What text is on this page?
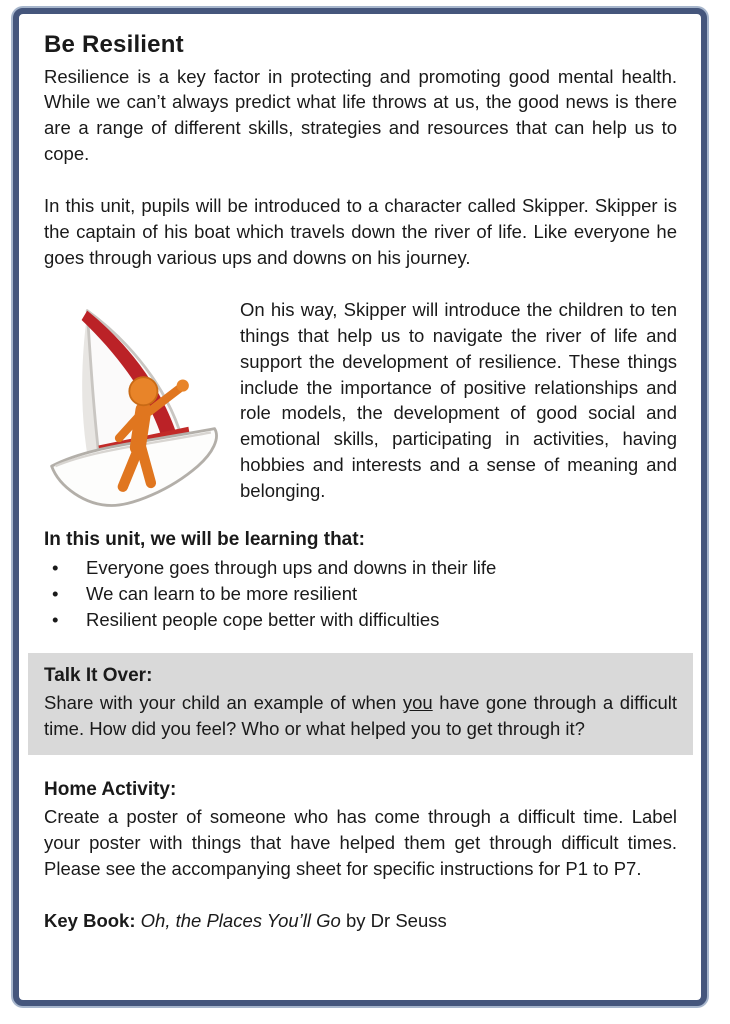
Be Resilient

Resilience is a key factor in protecting and promoting good mental health. While we can’t always predict what life throws at us, the good news is there are a range of different skills, strategies and resources that can help us to cope.

In this unit, pupils will be introduced to a character called Skipper. Skipper is the captain of his boat which travels down the river of life. Like everyone he goes through various ups and downs on his journey.

On his way, Skipper will introduce the children to ten things that help us to navigate the river of life and support the development of resilience. These things include the importance of positive relationships and role models, the development of good social and emotional skills, participating in activities, having hobbies and interests and a sense of meaning and belonging.

In this unit, we will be learning that:
•	Everyone goes through ups and downs in their life
•	We can learn to be more resilient
•	Resilient people cope better with difficulties
Talk It Over:

Share with your child an example of when you have gone through a difficult time. How did you feel? Who or what helped you to get through it?

Home Activity:

Create a poster of someone who has come through a difficult time. Label your poster with things that have helped them get through difficult times. Please see the accompanying sheet for specific instructions for P1 to P7.

Key Book: Oh, the Places You’ll Go by Dr Seuss
